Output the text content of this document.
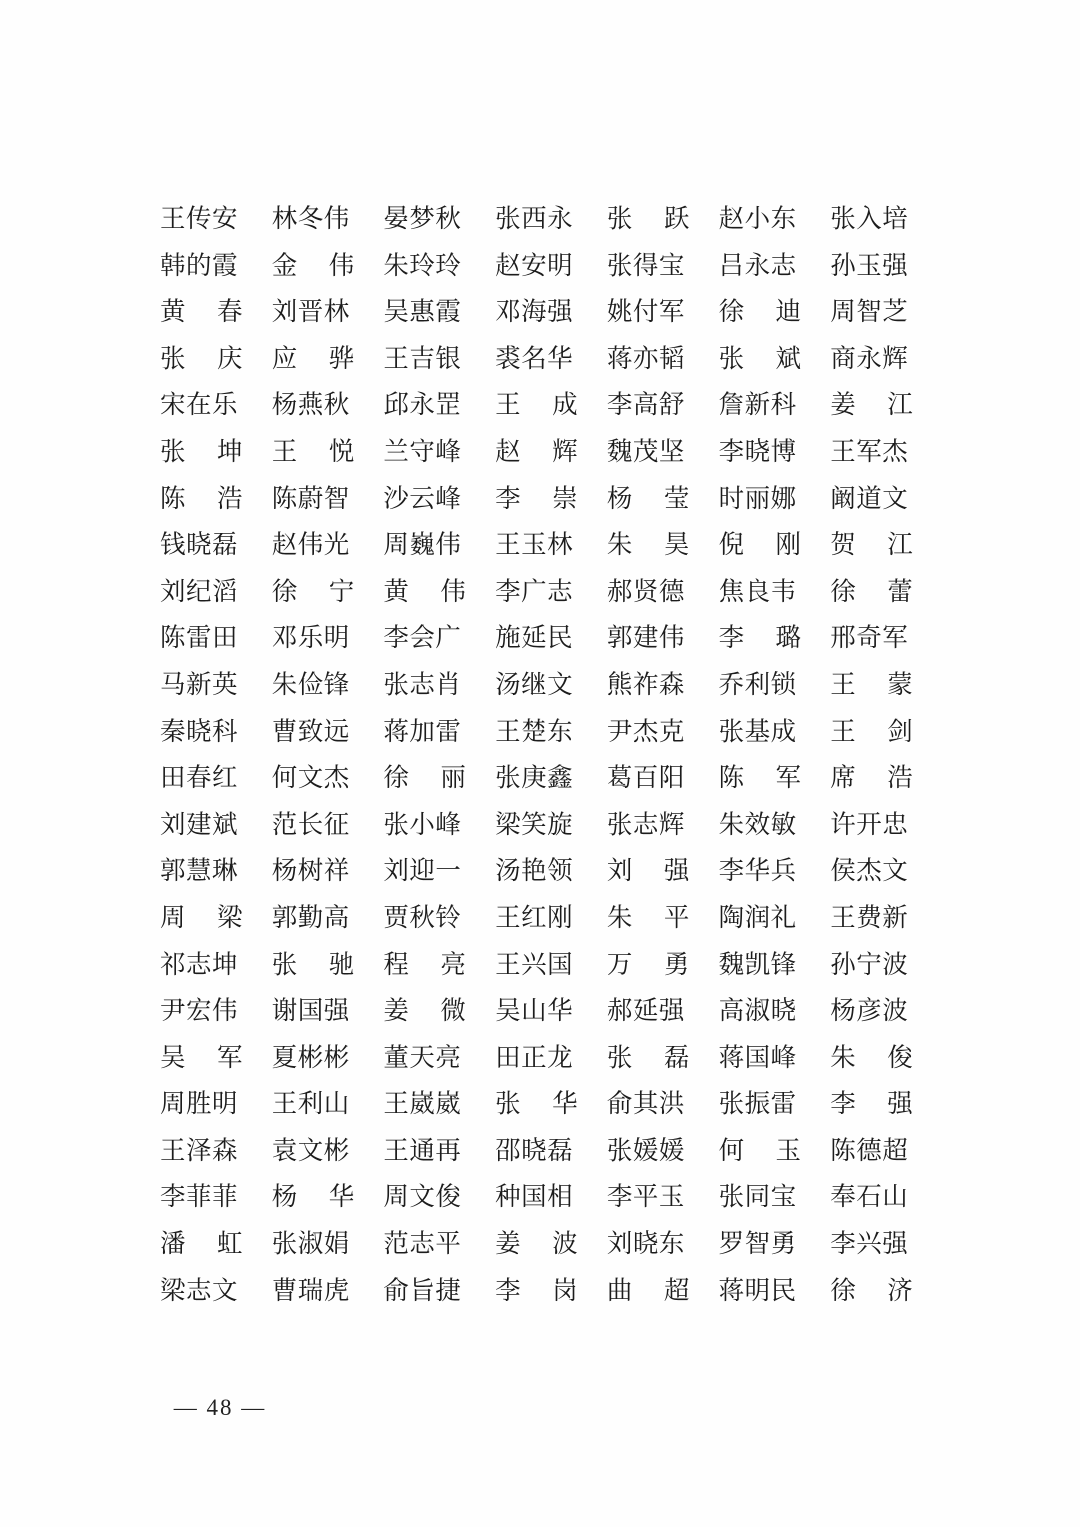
王传安 林冬伟 晏梦秋 张西永 张跃 赵小东 张入培
韩的霞 金伟 朱玲玲 赵安明 张得宝 吕永志 孙玉强
黄春 刘晋林 吴惠霞 邓海强 姚付军 徐迪 周智芝
张庆 应骅 王吉银 裘名华 蒋亦韬 张斌 商永辉
宋在乐 杨燕秋 邱永罡 王成 李高舒 詹新科 姜江
张坤 王悦 兰守峰 赵辉 魏茂坚 李晓博 王军杰
陈浩 陈蔚智 沙云峰 李崇 杨莹 时丽娜 阚道文
钱晓磊 赵伟光 周巍伟 王玉林 朱昊 倪刚 贺江
刘纪滔 徐宁 黄伟 李广志 郝贤德 焦良韦 徐蕾
陈雷田 邓乐明 李会广 施延民 郭建伟 李璐 邢奇军
马新英 朱俭锋 张志肖 汤继文 熊祚森 乔利锁 王蒙
秦晓科 曹致远 蒋加雷 王楚东 尹杰克 张基成 王剑
田春红 何文杰 徐丽 张庚鑫 葛百阳 陈军 席浩
刘建斌 范长征 张小峰 梁笑旋 张志辉 朱效敏 许开忠
郭慧琳 杨树祥 刘迎一 汤艳领 刘强 李华兵 侯杰文
周梁 郭勤高 贾秋铃 王红刚 朱平 陶润礼 王费新
祁志坤 张驰 程亮 王兴国 万勇 魏凯锋 孙宁波
尹宏伟 谢国强 姜微 吴山华 郝延强 高淑晓 杨彦波
吴军 夏彬彬 董天亮 田正龙 张磊 蒋国峰 朱俊
周胜明 王利山 王崴崴 张华 俞其洪 张振雷 李强
王泽森 袁文彬 王通再 邵晓磊 张媛媛 何玉 陈德超
李菲菲 杨华 周文俊 种国相 李平玉 张同宝 奉石山
潘虹 张淑娟 范志平 姜波 刘晓东 罗智勇 李兴强
梁志文 曹瑞虎 俞旨捷 李岗 曲超 蒋明民 徐济
— 48 —
